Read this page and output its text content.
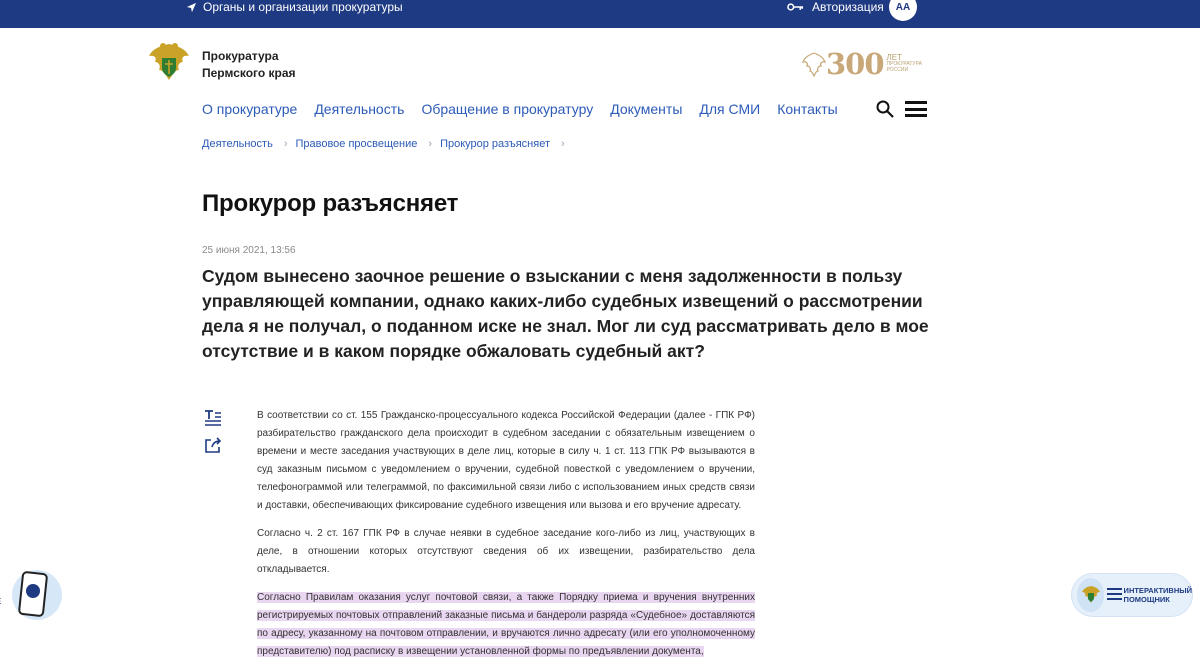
Органы и организации прокуратуры	Авторизация	АА
Прокуратура
Пермского края	300 ЛЕТ
ПРОКУРАТУРА
РОССИИ
О прокуратуре Деятельность Обращение в прокуратуру Документы Для СМИ Контакты
Деятельность › Правовое просвещение › Прокурор разъясняет ›
Прокурор разъясняет
25 июня 2021, 13:56
Судом вынесено заочное решение о взыскании с меня задолженности в пользу управляющей компании, однако каких-либо судебных извещений о рассмотрении дела я не получал, о поданном иске не знал. Мог ли суд рассматривать дело в мое отсутствие и в каком порядке обжаловать судебный акт?

В соответствии со ст. 155 Гражданско-процессуального кодекса Российской Федерации (далее - ГПК РФ) разбирательство гражданского дела происходит в судебном заседании с обязательным извещением о времени и месте заседания участвующих в деле лиц, которые в силу ч. 1 ст. 113 ГПК РФ вызываются в суд заказным письмом с уведомлением о вручении, судебной повесткой с уведомлением о вручении, телефонограммой или телеграммой, по факсимильной связи либо с использованием иных средств связи и доставки, обеспечивающих фиксирование судебного извещения или вызова и его вручение адресату.

Согласно ч. 2 ст. 167 ГПК РФ в случае неявки в судебное заседание кого-либо из лиц, участвующих в деле, в отношении которых отсутствуют сведения об их извещении, разбирательство дела откладывается.

Согласно Правилам оказания услуг почтовой связи, а также Порядку приема и вручения внутренних регистрируемых почтовых отправлений заказные письма и бандероли разряда «Судебное» доставляются по адресу, указанному на почтовом отправлении, и вручаются лично адресату (или его уполномоченному представителю) под расписку в извещении установленной формы по предъявлении документа,

ИНТЕРАКТИВНЫЙ
ПОМОЩНИК
